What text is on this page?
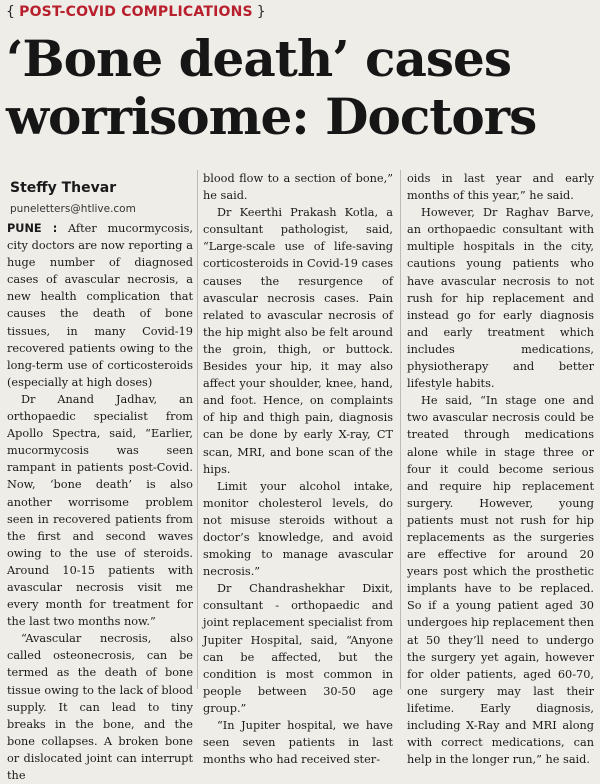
{ POST-COVID COMPLICATIONS }
‘Bone death’ cases
worrisome: Doctors
Steffy Thevar
puneletters@htlive.com

PUNE : After mucormycosis, city doctors are now reporting a huge number of diagnosed cases of avascular necrosis, a new health complication that causes the death of bone tissues, in many Covid-19 recovered patients owing to the long-term use of corticosteroids (especially at high doses)

Dr Anand Jadhav, an orthopaedic specialist from Apollo Spectra, said, “Earlier, mucormycosis was seen rampant in patients post-Covid. Now, ‘bone death’ is also another worrisome problem seen in recovered patients from the first and second waves owing to the use of steroids. Around 10-15 patients with avascular necrosis visit me every month for treatment for the last two months now.”

“Avascular necrosis, also called osteonecrosis, can be termed as the death of bone tissue owing to the lack of blood supply. It can lead to tiny breaks in the bone, and the bone collapses. A broken bone or dislocated joint can interrupt the

blood flow to a section of bone,” he said.

Dr Keerthi Prakash Kotla, a consultant pathologist, said, “Large-scale use of life-saving corticosteroids in Covid-19 cases causes the resurgence of avascular necrosis cases. Pain related to avascular necrosis of the hip might also be felt around the groin, thigh, or buttock. Besides your hip, it may also affect your shoulder, knee, hand, and foot. Hence, on complaints of hip and thigh pain, diagnosis can be done by early X-ray, CT scan, MRI, and bone scan of the hips.

Limit your alcohol intake, monitor cholesterol levels, do not misuse steroids without a doctor’s knowledge, and avoid smoking to manage avascular necrosis.”

Dr Chandrashekhar Dixit, consultant - orthopaedic and joint replacement specialist from Jupiter Hospital, said, “Anyone can be affected, but the condition is most common in people between 30-50 age group.”

“In Jupiter hospital, we have seen seven patients in last months who had received ster-

oids in last year and early months of this year,” he said.

However, Dr Raghav Barve, an orthopaedic consultant with multiple hospitals in the city, cautions young patients who have avascular necrosis to not rush for hip replacement and instead go for early diagnosis and early treatment which includes medications, physiotherapy and better lifestyle habits.

He said, “In stage one and two avascular necrosis could be treated through medications alone while in stage three or four it could become serious and require hip replacement surgery. However, young patients must not rush for hip replacements as the surgeries are effective for around 20 years post which the prosthetic implants have to be replaced. So if a young patient aged 30 undergoes hip replacement then at 50 they’ll need to undergo the surgery yet again, however for older patients, aged 60-70, one surgery may last their lifetime. Early diagnosis, including X-Ray and MRI along with correct medications, can help in the longer run,” he said.
